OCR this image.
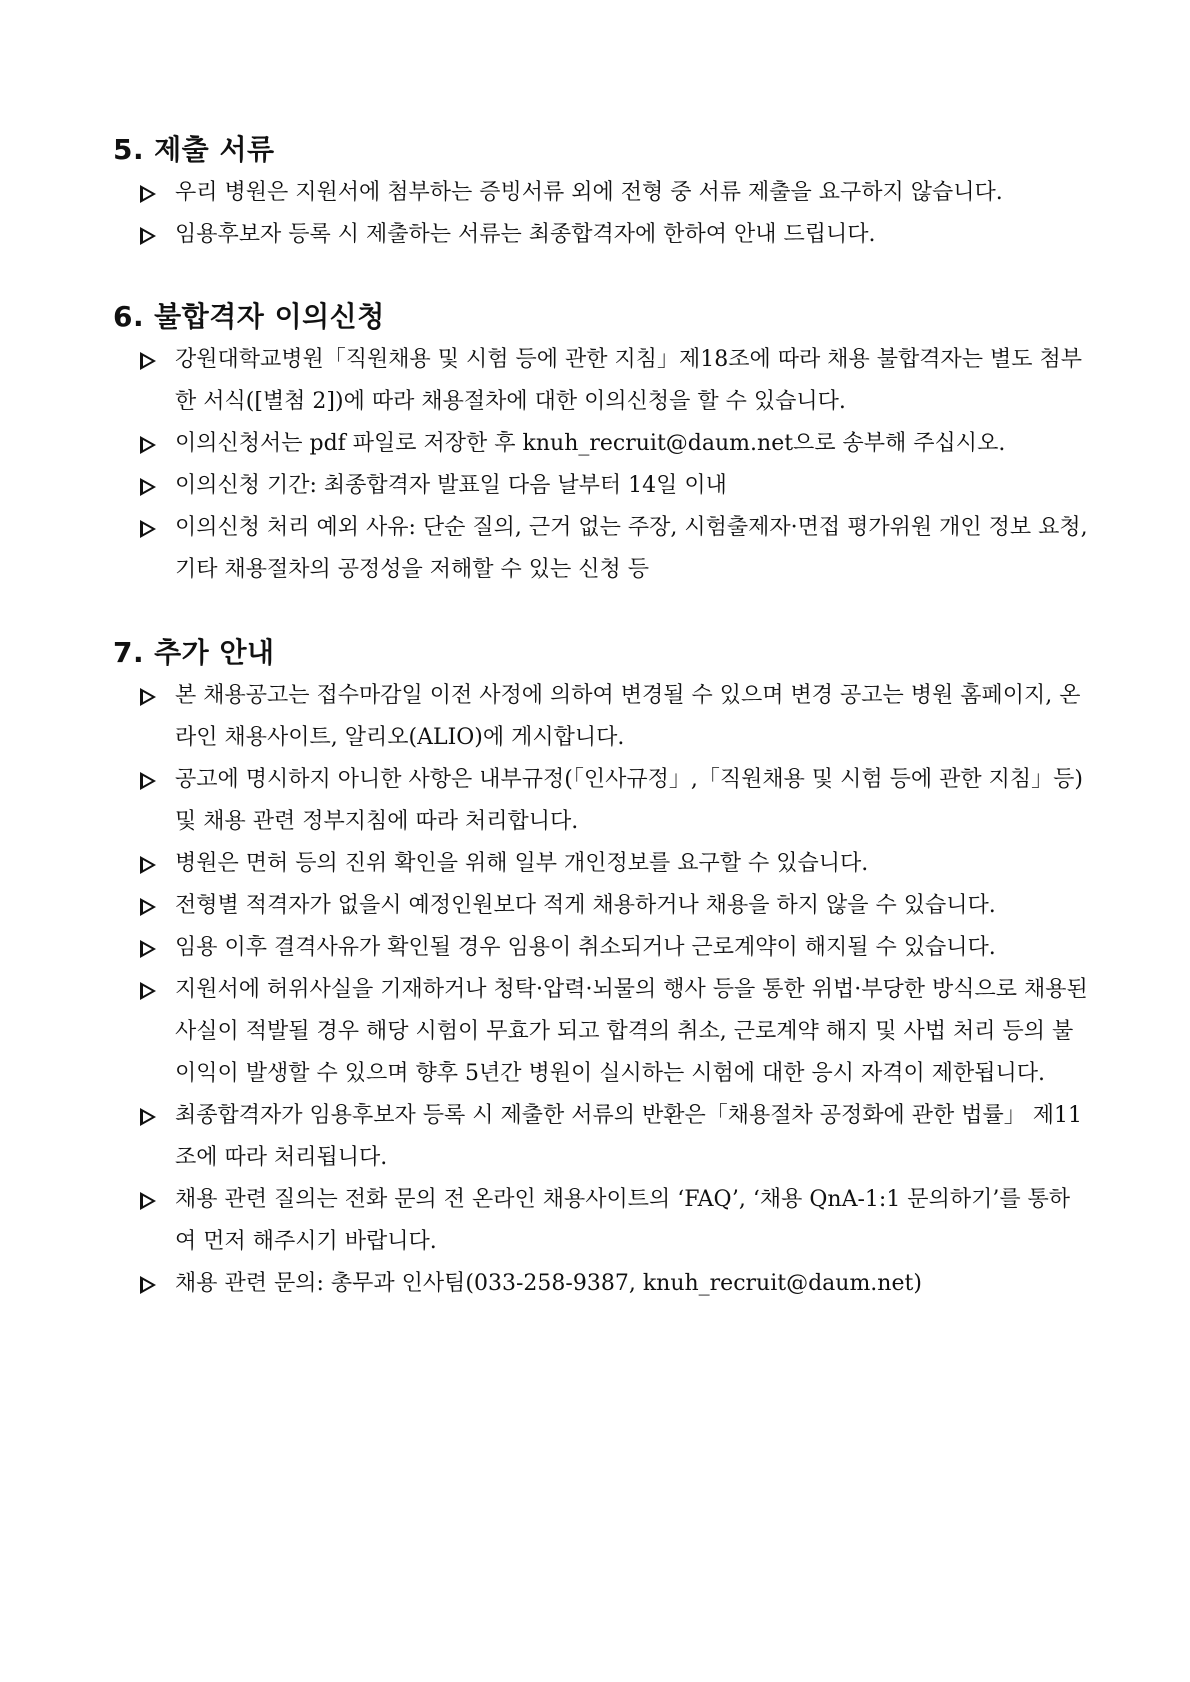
5. 제출 서류
우리 병원은 지원서에 첨부하는 증빙서류 외에 전형 중 서류 제출을 요구하지 않습니다.
임용후보자 등록 시 제출하는 서류는 최종합격자에 한하여 안내 드립니다.
6. 불합격자 이의신청
강원대학교병원「직원채용 및 시험 등에 관한 지침」제18조에 따라 채용 불합격자는 별도 첨부한 서식([별첨 2])에 따라 채용절차에 대한 이의신청을 할 수 있습니다.
이의신청서는 pdf 파일로 저장한 후 knuh_recruit@daum.net으로 송부해 주십시오.
이의신청 기간: 최종합격자 발표일 다음 날부터 14일 이내
이의신청 처리 예외 사유: 단순 질의, 근거 없는 주장, 시험출제자·면접 평가위원 개인 정보 요청, 기타 채용절차의 공정성을 저해할 수 있는 신청 등
7. 추가 안내
본 채용공고는 접수마감일 이전 사정에 의하여 변경될 수 있으며 변경 공고는 병원 홈페이지, 온라인 채용사이트, 알리오(ALIO)에 게시합니다.
공고에 명시하지 아니한 사항은 내부규정(「인사규정」,「직원채용 및 시험 등에 관한 지침」등) 및 채용 관련 정부지침에 따라 처리합니다.
병원은 면허 등의 진위 확인을 위해 일부 개인정보를 요구할 수 있습니다.
전형별 적격자가 없을시 예정인원보다 적게 채용하거나 채용을 하지 않을 수 있습니다.
임용 이후 결격사유가 확인될 경우 임용이 취소되거나 근로계약이 해지될 수 있습니다.
지원서에 허위사실을 기재하거나 청탁·압력·뇌물의 행사 등을 통한 위법·부당한 방식으로 채용된 사실이 적발될 경우 해당 시험이 무효가 되고 합격의 취소, 근로계약 해지 및 사법 처리 등의 불이익이 발생할 수 있으며 향후 5년간 병원이 실시하는 시험에 대한 응시 자격이 제한됩니다.
최종합격자가 임용후보자 등록 시 제출한 서류의 반환은「채용절차 공정화에 관한 법률」 제11조에 따라 처리됩니다.
채용 관련 질의는 전화 문의 전 온라인 채용사이트의 ‘FAQ’, ‘채용 QnA-1:1 문의하기’를 통하여 먼저 해주시기 바랍니다.
채용 관련 문의: 총무과 인사팀(033-258-9387, knuh_recruit@daum.net)
